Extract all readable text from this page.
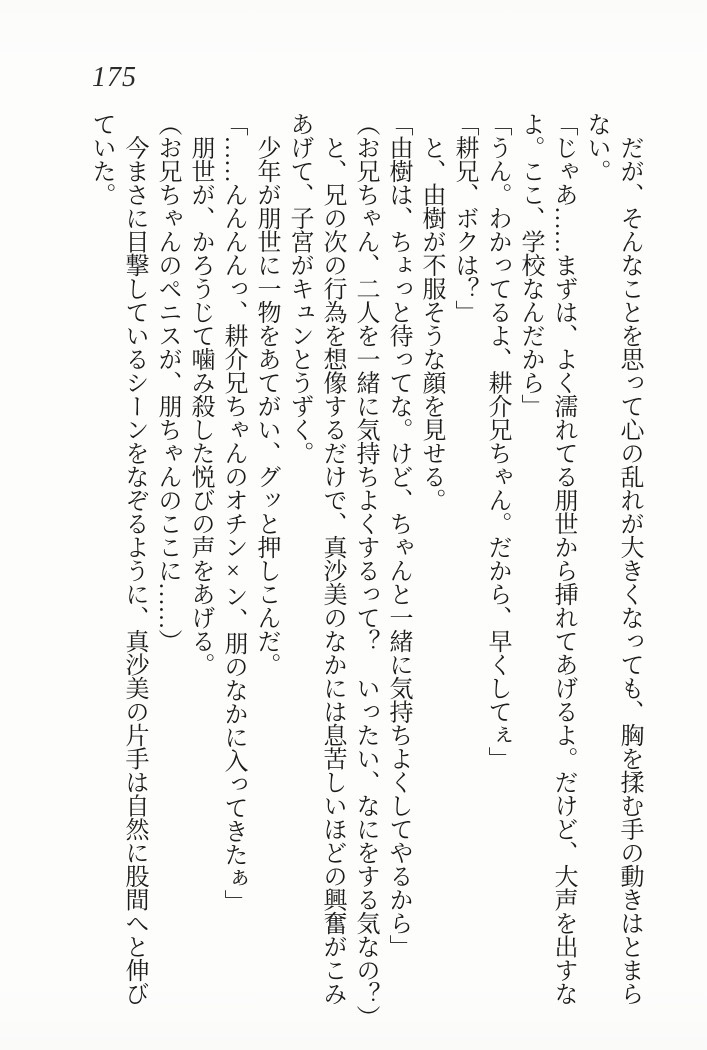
175
　だが、そんなことを思って心の乱れが大きくなっても、胸を揉む手の動きはとまら
ない。
「じゃあ……まずは、よく濡れてる朋世から挿れてあげるよ。だけど、大声を出すな
よ。ここ、学校なんだから」
「うん。わかってるよ、耕介兄ちゃん。だから、早くしてぇ」
「耕兄、ボクは？」
　と、由樹が不服そうな顔を見せる。
「由樹は、ちょっと待ってな。けど、ちゃんと一緒に気持ちよくしてやるから」
（お兄ちゃん、二人を一緒に気持ちよくするって？　いったい、なにをする気なの？）
　と、兄の次の行為を想像するだけで、真沙美のなかには息苦しいほどの興奮がこみ
あげて、子宮がキュンとうずく。
　少年が朋世に一物をあてがい、グッと押しこんだ。
「……んんんんっ、耕介兄ちゃんのオチン×ン、朋のなかに入ってきたぁ」
　朋世が、かろうじて噛み殺した悦びの声をあげる。
（お兄ちゃんのペニスが、朋ちゃんのここに……）
　今まさに目撃しているシーンをなぞるように、真沙美の片手は自然に股間へと伸び
ていた。
